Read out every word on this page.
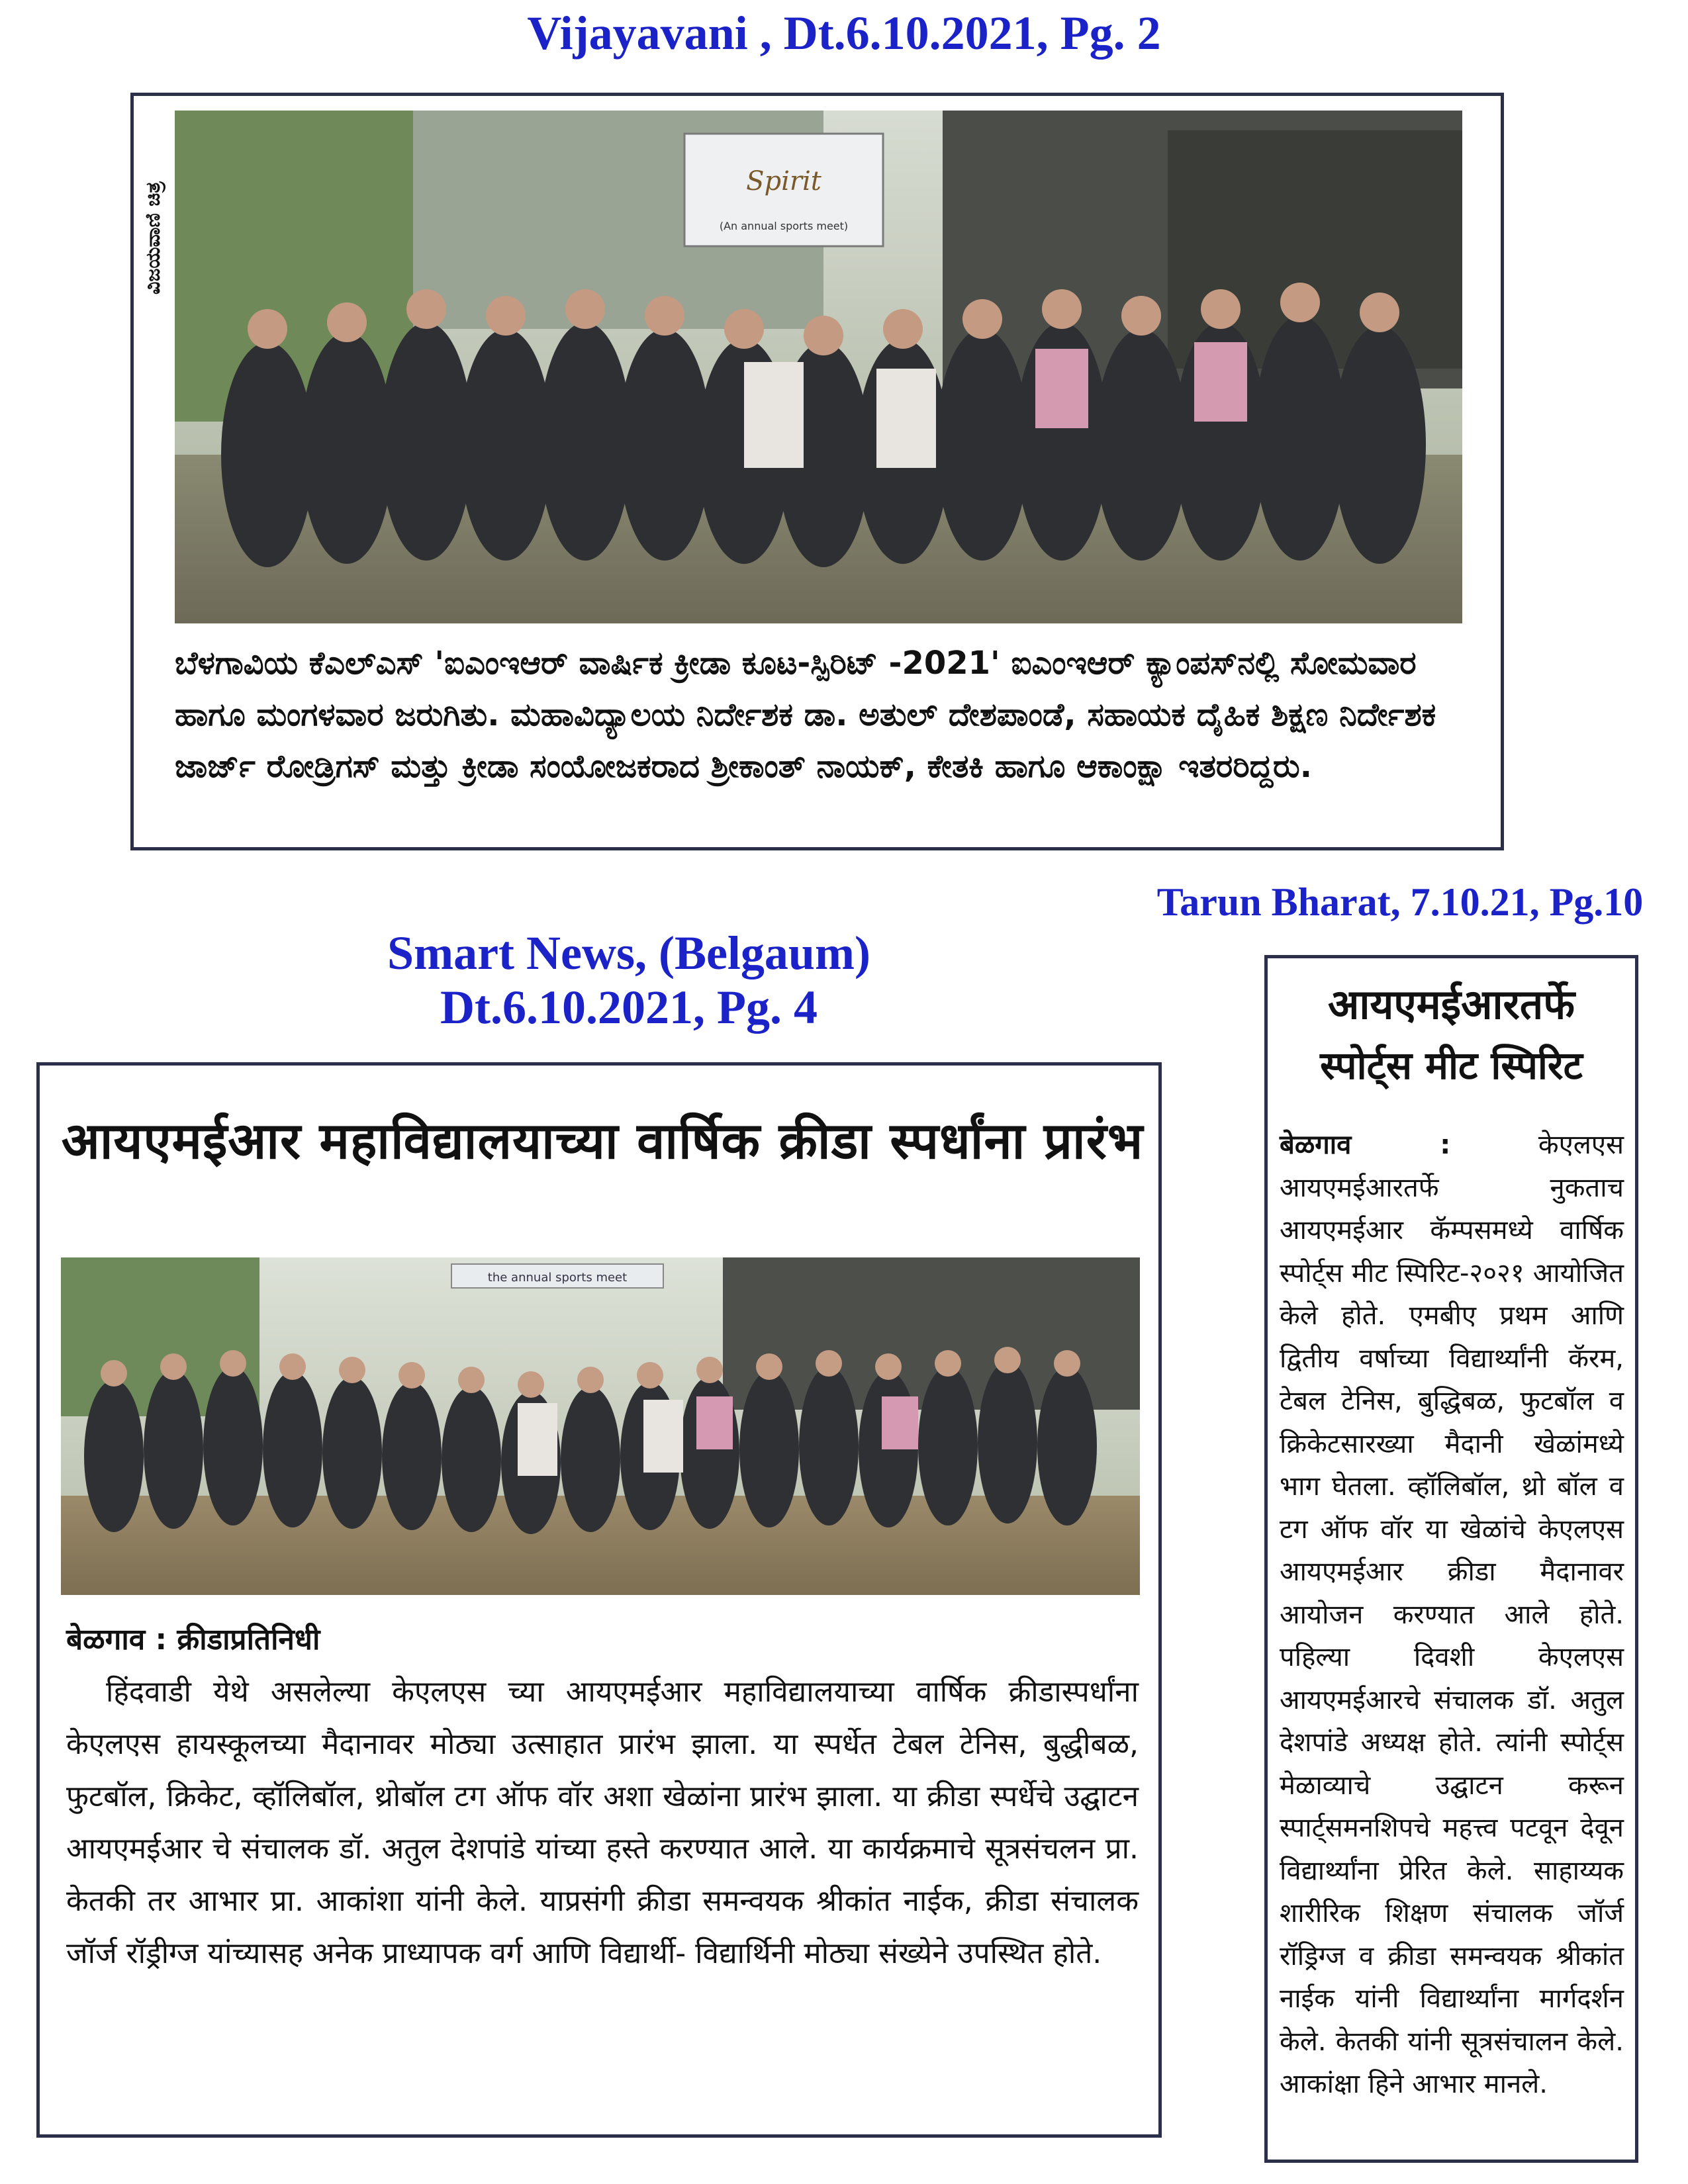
Vijayavani , Dt.6.10.2021, Pg. 2
Spirit
(An annual sports meet)
ವಿಜಯವಾಣಿ ಚಿತ್ರ
ಬೆಳಗಾವಿಯ ಕೆಎಲ್‌ಎಸ್ 'ಐಎಂಇಆರ್ ವಾರ್ಷಿಕ ಕ್ರೀಡಾ ಕೂಟ-ಸ್ಪಿರಿಟ್ -2021' ಐಎಂಇಆರ್ ಕ್ಯಾಂಪಸ್‌ನಲ್ಲಿ ಸೋಮವಾರ ಹಾಗೂ ಮಂಗಳವಾರ ಜರುಗಿತು. ಮಹಾವಿದ್ಯಾಲಯ ನಿರ್ದೇಶಕ ಡಾ. ಅತುಲ್ ದೇಶಪಾಂಡೆ, ಸಹಾಯಕ ದೈಹಿಕ ಶಿಕ್ಷಣ ನಿರ್ದೇಶಕ ಜಾರ್ಜ್ ರೋಡ್ರಿಗಸ್ ಮತ್ತು ಕ್ರೀಡಾ ಸಂಯೋಜಕರಾದ ಶ್ರೀಕಾಂತ್ ನಾಯಕ್, ಕೇತಕಿ ಹಾಗೂ ಆಕಾಂಕ್ಷಾ ಇತರರಿದ್ದರು.
Tarun Bharat, 7.10.21, Pg.10
Smart News, (Belgaum)
Dt.6.10.2021, Pg. 4
आयएमईआर महाविद्यालयाच्या वार्षिक क्रीडा स्पर्धांना प्रारंभ
the annual sports meet
बेळगाव : क्रीडाप्रतिनिधी
हिंदवाडी येथे असलेल्या केएलएस च्या आयएमईआर महाविद्यालयाच्या वार्षिक क्रीडास्पर्धांना केएलएस हायस्कूलच्या मैदानावर मोठ्या उत्साहात प्रारंभ झाला. या स्पर्धेत टेबल टेनिस, बुद्धीबळ, फुटबॉल, क्रिकेट, व्हॉलिबॉल, थ्रोबॉल टग ऑफ वॉर अशा खेळांना प्रारंभ झाला. या क्रीडा स्पर्धेचे उद्घाटन आयएमईआर चे संचालक डॉ. अतुल देशपांडे यांच्या हस्ते करण्यात आले. या कार्यक्रमाचे सूत्रसंचलन प्रा. केतकी तर आभार प्रा. आकांशा यांनी केले. याप्रसंगी क्रीडा समन्वयक श्रीकांत नाईक, क्रीडा संचालक जॉर्ज रॉड्रीग्ज यांच्यासह अनेक प्राध्यापक वर्ग आणि विद्यार्थी- विद्यार्थिनी मोठ्या संख्येने उपस्थित होते.
आयएमईआरतर्फे
स्पोर्ट्स मीट स्पिरिट
बेळगाव :	केएलएस आयएमईआरतर्फे नुकताच आयएमईआर कॅम्पसमध्ये वार्षिक स्पोर्ट्स मीट स्पिरिट-२०२१ आयोजित केले होते. एमबीए प्रथम आणि द्वितीय वर्षाच्या विद्यार्थ्यांनी कॅरम, टेबल टेनिस, बुद्धिबळ, फुटबॉल व क्रिकेटसारख्या मैदानी खेळांमध्ये भाग घेतला. व्हॉलिबॉल, थ्रो बॉल व टग ऑफ वॉर या खेळांचे केएलएस आयएमईआर क्रीडा मैदानावर आयोजन करण्यात आले होते. पहिल्या दिवशी केएलएस आयएमईआरचे संचालक डॉ. अतुल देशपांडे अध्यक्ष होते. त्यांनी स्पोर्ट्स मेळाव्याचे उद्घाटन करून स्पार्ट्समनशिपचे महत्त्व पटवून देवून विद्यार्थ्यांना प्रेरित केले. साहाय्यक शारीरिक शिक्षण संचालक जॉर्ज रॉड्रिग्ज व क्रीडा समन्वयक श्रीकांत नाईक यांनी विद्यार्थ्यांना मार्गदर्शन केले. केतकी यांनी सूत्रसंचालन केले. आकांक्षा हिने आभार मानले.
